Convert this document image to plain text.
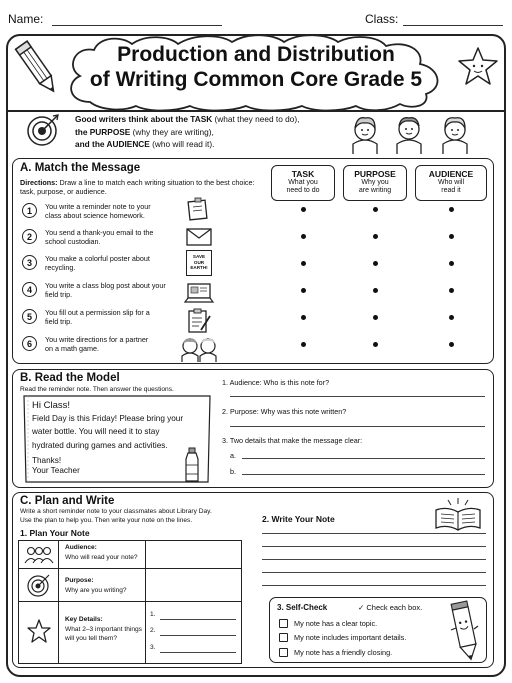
Name:	Class:
Production and Distribution
of Writing Common Core Grade 5
Good writers think about the TASK (what they need to do),
the PURPOSE (why they are writing),
and the AUDIENCE (who will read it).
A. Match the Message
Directions: Draw a line to match each writing situation to the best choice:
task, purpose, or audience.
TASK
What you
need to do
PURPOSE
Why you
are writing
AUDIENCE
Who will
read it
1	You write a reminder note to your
class about science homework.
2	You send a thank-you email to the
school custodian.
3	You make a colorful poster about
recycling.
4	You write a class blog post about your
field trip.
5	You fill out a permission slip for a
field trip.
6	You write directions for a partner
on a math game.
SAVE
OUR
EARTH!
B. Read the Model
Read the reminder note. Then answer the questions.
Hi Class!
Field Day is this Friday! Please bring your
water bottle. You will need it to stay
hydrated during games and activities.
Thanks!
Your Teacher
1. Audience: Who is this note for?
2. Purpose: Why was this note written?
3. Two details that make the message clear:
a.
b.
C. Plan and Write
Write a short reminder note to your classmates about Library Day.
Use the plan to help you. Then write your note on the lines.
1. Plan Your Note
Audience:
Who will read your note?
Purpose:
Why are you writing?
Key Details:
What 2–3 important things
will you tell them?
1.
2.
3.
2. Write Your Note
3. Self-Check	✓ Check each box.
My note has a clear topic.
My note includes important details.
My note has a friendly closing.
